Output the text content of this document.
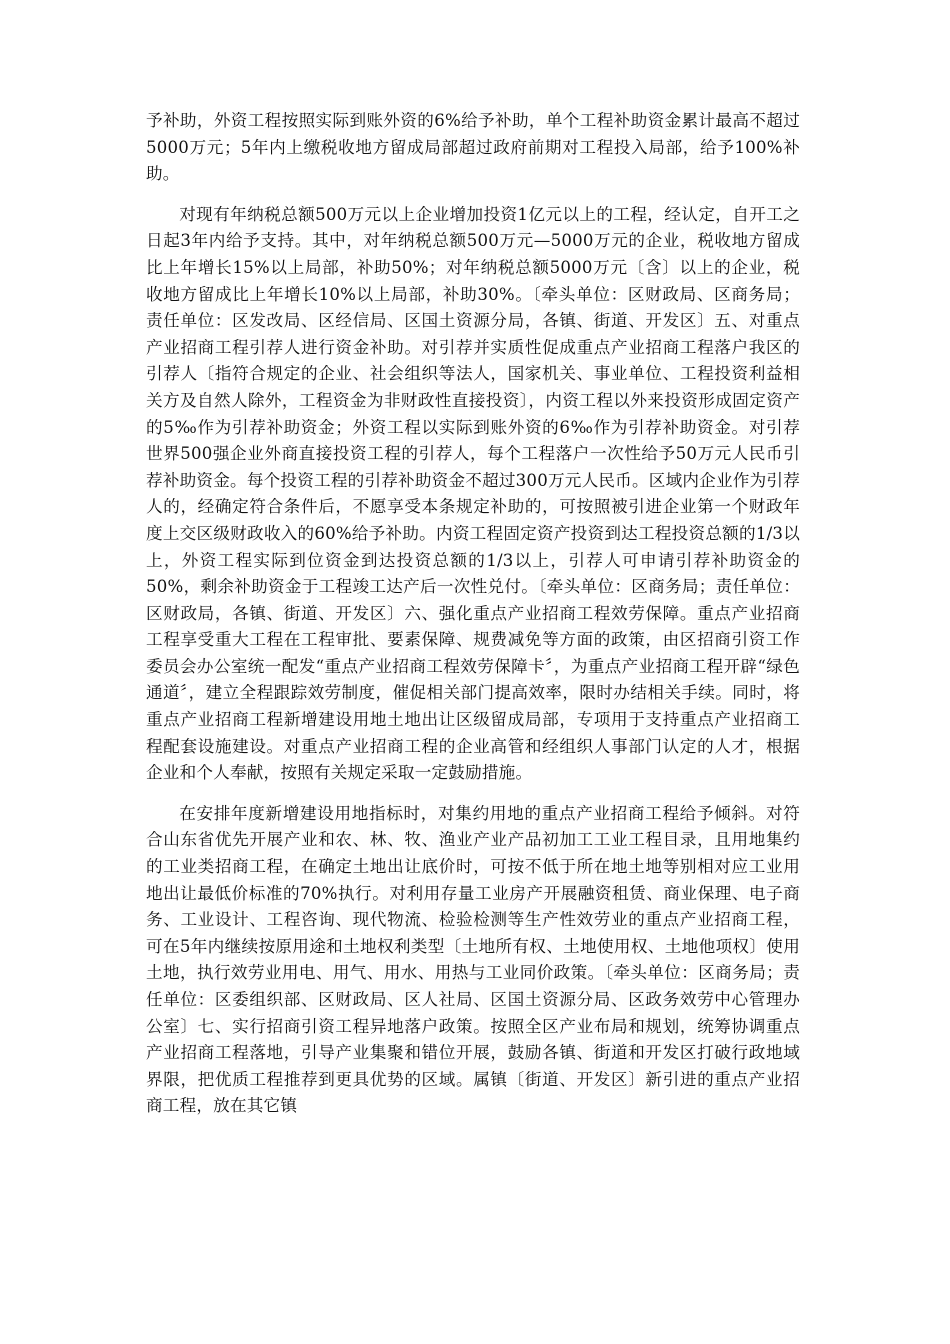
予补助，外资工程按照实际到账外资的6%给予补助，单个工程补助资金累计最高不超过5000万元；5年内上缴税收地方留成局部超过政府前期对工程投入局部，给予100%补助。

对现有年纳税总额500万元以上企业增加投资1亿元以上的工程，经认定，自开工之日起3年内给予支持。其中，对年纳税总额500万元—5000万元的企业，税收地方留成比上年增长15%以上局部，补助50%；对年纳税总额5000万元〔含〕以上的企业，税收地方留成比上年增长10%以上局部，补助30%。〔牵头单位：区财政局、区商务局；责任单位：区发改局、区经信局、区国土资源分局，各镇、街道、开发区〕五、对重点产业招商工程引荐人进行资金补助。对引荐并实质性促成重点产业招商工程落户我区的引荐人〔指符合规定的企业、社会组织等法人，国家机关、事业单位、工程投资利益相关方及自然人除外，工程资金为非财政性直接投资〕，内资工程以外来投资形成固定资产的5‰作为引荐补助资金；外资工程以实际到账外资的6‰作为引荐补助资金。对引荐世界500强企业外商直接投资工程的引荐人，每个工程落户一次性给予50万元人民币引荐补助资金。每个投资工程的引荐补助资金不超过300万元人民币。区域内企业作为引荐人的，经确定符合条件后，不愿享受本条规定补助的，可按照被引进企业第一个财政年度上交区级财政收入的60%给予补助。内资工程固定资产投资到达工程投资总额的1/3以上，外资工程实际到位资金到达投资总额的1/3以上，引荐人可申请引荐补助资金的50%，剩余补助资金于工程竣工达产后一次性兑付。〔牵头单位：区商务局；责任单位：区财政局，各镇、街道、开发区〕六、强化重点产业招商工程效劳保障。重点产业招商工程享受重大工程在工程审批、要素保障、规费减免等方面的政策，由区招商引资工作委员会办公室统一配发“重点产业招商工程效劳保障卡〞，为重点产业招商工程开辟“绿色通道〞，建立全程跟踪效劳制度，催促相关部门提高效率，限时办结相关手续。同时，将重点产业招商工程新增建设用地土地出让区级留成局部，专项用于支持重点产业招商工程配套设施建设。对重点产业招商工程的企业高管和经组织人事部门认定的人才，根据企业和个人奉献，按照有关规定采取一定鼓励措施。

在安排年度新增建设用地指标时，对集约用地的重点产业招商工程给予倾斜。对符合山东省优先开展产业和农、林、牧、渔业产业产品初加工工业工程目录，且用地集约的工业类招商工程，在确定土地出让底价时，可按不低于所在地土地等别相对应工业用地出让最低价标准的70%执行。对利用存量工业房产开展融资租赁、商业保理、电子商务、工业设计、工程咨询、现代物流、检验检测等生产性效劳业的重点产业招商工程，可在5年内继续按原用途和土地权利类型〔土地所有权、土地使用权、土地他项权〕使用土地，执行效劳业用电、用气、用水、用热与工业同价政策。〔牵头单位：区商务局；责任单位：区委组织部、区财政局、区人社局、区国土资源分局、区政务效劳中心管理办公室〕七、实行招商引资工程异地落户政策。按照全区产业布局和规划，统筹协调重点产业招商工程落地，引导产业集聚和错位开展，鼓励各镇、街道和开发区打破行政地域界限，把优质工程推荐到更具优势的区域。属镇〔街道、开发区〕新引进的重点产业招商工程，放在其它镇
